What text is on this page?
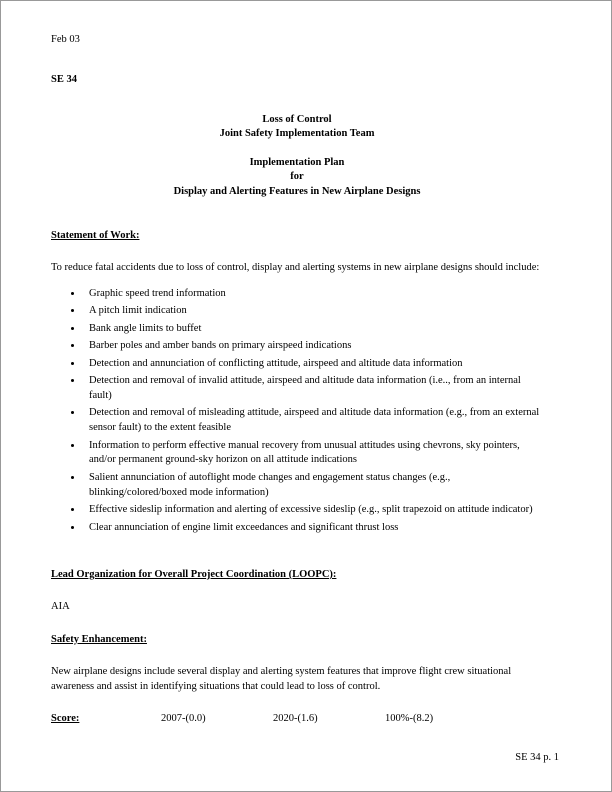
Feb 03
SE 34
Loss of Control
Joint Safety Implementation Team
Implementation Plan
for
Display and Alerting Features in New Airplane Designs
Statement of Work:
To reduce fatal accidents due to loss of control, display and alerting systems in new airplane designs should include:
• Graphic speed trend information
• A pitch limit indication
• Bank angle limits to buffet
• Barber poles and amber bands on primary airspeed indications
• Detection and annunciation of conflicting attitude, airspeed and altitude data information
• Detection and removal of invalid attitude, airspeed and altitude data information (i.e.., from an internal fault)
• Detection and removal of misleading attitude, airspeed and altitude data information (e.g., from an external sensor fault) to the extent feasible
• Information to perform effective manual recovery from unusual attitudes using chevrons, sky pointers, and/or permanent ground-sky horizon on all attitude indications
• Salient annunciation of autoflight mode changes and engagement status changes (e.g., blinking/colored/boxed mode information)
• Effective sideslip information and alerting of excessive sideslip (e.g., split trapezoid on attitude indicator)
• Clear annunciation of engine limit exceedances and significant thrust loss
Lead Organization for Overall Project Coordination (LOOPC):
AIA
Safety Enhancement:
New airplane designs include several display and alerting system features that improve flight crew situational awareness and assist in identifying situations that could lead to loss of control.
Score:	2007-(0.0)	2020-(1.6)	100%-(8.2)
SE 34 p. 1
